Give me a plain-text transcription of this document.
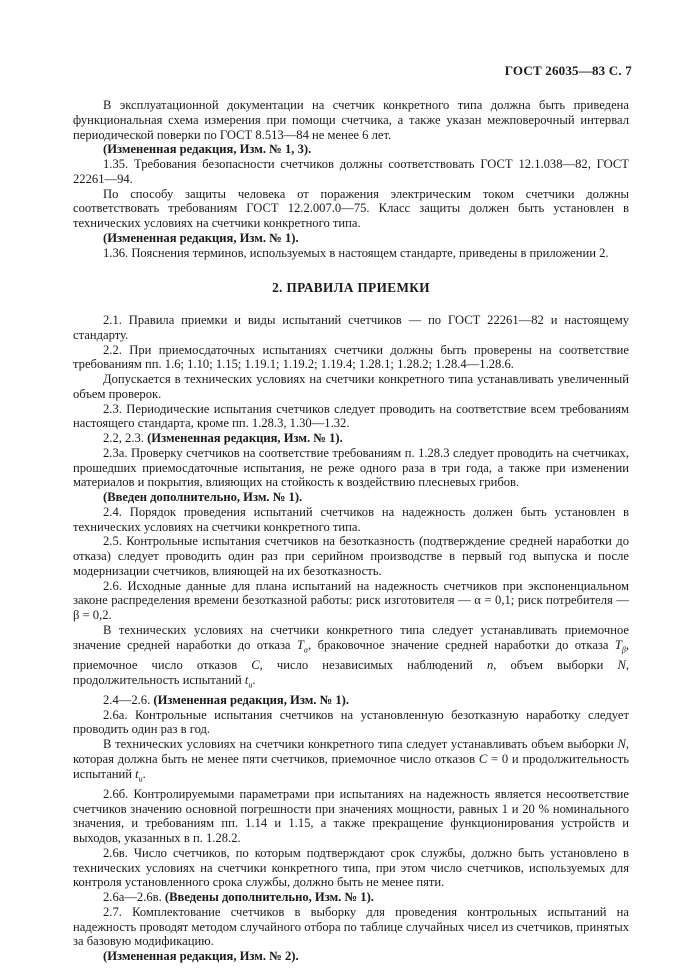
ГОСТ 26035—83 С. 7

В эксплуатационной документации на счетчик конкретного типа должна быть приведена функциональная схема измерения при помощи счетчика, а также указан межповерочный интервал периодической поверки по ГОСТ 8.513—84 не менее 6 лет.

(Измененная редакция, Изм. № 1, 3).

1.35. Требования безопасности счетчиков должны соответствовать ГОСТ 12.1.038—82, ГОСТ 22261—94.

По способу защиты человека от поражения электрическим током счетчики должны соответствовать требованиям ГОСТ 12.2.007.0—75. Класс защиты должен быть установлен в технических условиях на счетчики конкретного типа.

(Измененная редакция, Изм. № 1).

1.36. Пояснения терминов, используемых в настоящем стандарте, приведены в приложении 2.

2. ПРАВИЛА ПРИЕМКИ

2.1. Правила приемки и виды испытаний счетчиков — по ГОСТ 22261—82 и настоящему стандарту.

2.2. При приемосдаточных испытаниях счетчики должны быть проверены на соответствие требованиям пп. 1.6; 1.10; 1.15; 1.19.1; 1.19.2; 1.19.4; 1.28.1; 1.28.2; 1.28.4—1.28.6.

Допускается в технических условиях на счетчики конкретного типа устанавливать увеличенный объем проверок.

2.3. Периодические испытания счетчиков следует проводить на соответствие всем требованиям настоящего стандарта, кроме пп. 1.28.3, 1.30—1.32.

2.2, 2.3. (Измененная редакция, Изм. № 1).

2.3а. Проверку счетчиков на соответствие требованиям п. 1.28.3 следует проводить на счетчиках, прошедших приемосдаточные испытания, не реже одного раза в три года, а также при изменении материалов и покрытия, влияющих на стойкость к воздействию плесневых грибов.

(Введен дополнительно, Изм. № 1).

2.4. Порядок проведения испытаний счетчиков на надежность должен быть установлен в технических условиях на счетчики конкретного типа.

2.5. Контрольные испытания счетчиков на безотказность (подтверждение средней наработки до отказа) следует проводить один раз при серийном производстве в первый год выпуска и после модернизации счетчиков, влияющей на их безотказность.

2.6. Исходные данные для плана испытаний на надежность счетчиков при экспоненциальном законе распределения времени безотказной работы: риск изготовителя — α = 0,1; риск потребителя — β = 0,2.

В технических условиях на счетчики конкретного типа следует устанавливать приемочное значение средней наработки до отказа $T_\alpha$, браковочное значение средней наработки до отказа $T_\beta$, приемочное число отказов C, число независимых наблюдений n, объем выборки N, продолжительность испытаний $t_и$.

2.4—2.6. (Измененная редакция, Изм. № 1).

2.6а. Контрольные испытания счетчиков на установленную безотказную наработку следует проводить один раз в год.

В технических условиях на счетчики конкретного типа следует устанавливать объем выборки N, которая должна быть не менее пяти счетчиков, приемочное число отказов C = 0 и продолжительность испытаний $t_и$.

2.6б. Контролируемыми параметрами при испытаниях на надежность является несоответствие счетчиков значению основной погрешности при значениях мощности, равных 1 и 20 % номинального значения, и требованиям пп. 1.14 и 1.15, а также прекращение функционирования устройств и выходов, указанных в п. 1.28.2.

2.6в. Число счетчиков, по которым подтверждают срок службы, должно быть установлено в технических условиях на счетчики конкретного типа, при этом число счетчиков, используемых для контроля установленного срока службы, должно быть не менее пяти.

2.6а—2.6в. (Введены дополнительно, Изм. № 1).

2.7. Комплектование счетчиков в выборку для проведения контрольных испытаний на надежность проводят методом случайного отбора по таблице случайных чисел из счетчиков, принятых за базовую модификацию.

(Измененная редакция, Изм. № 2).
